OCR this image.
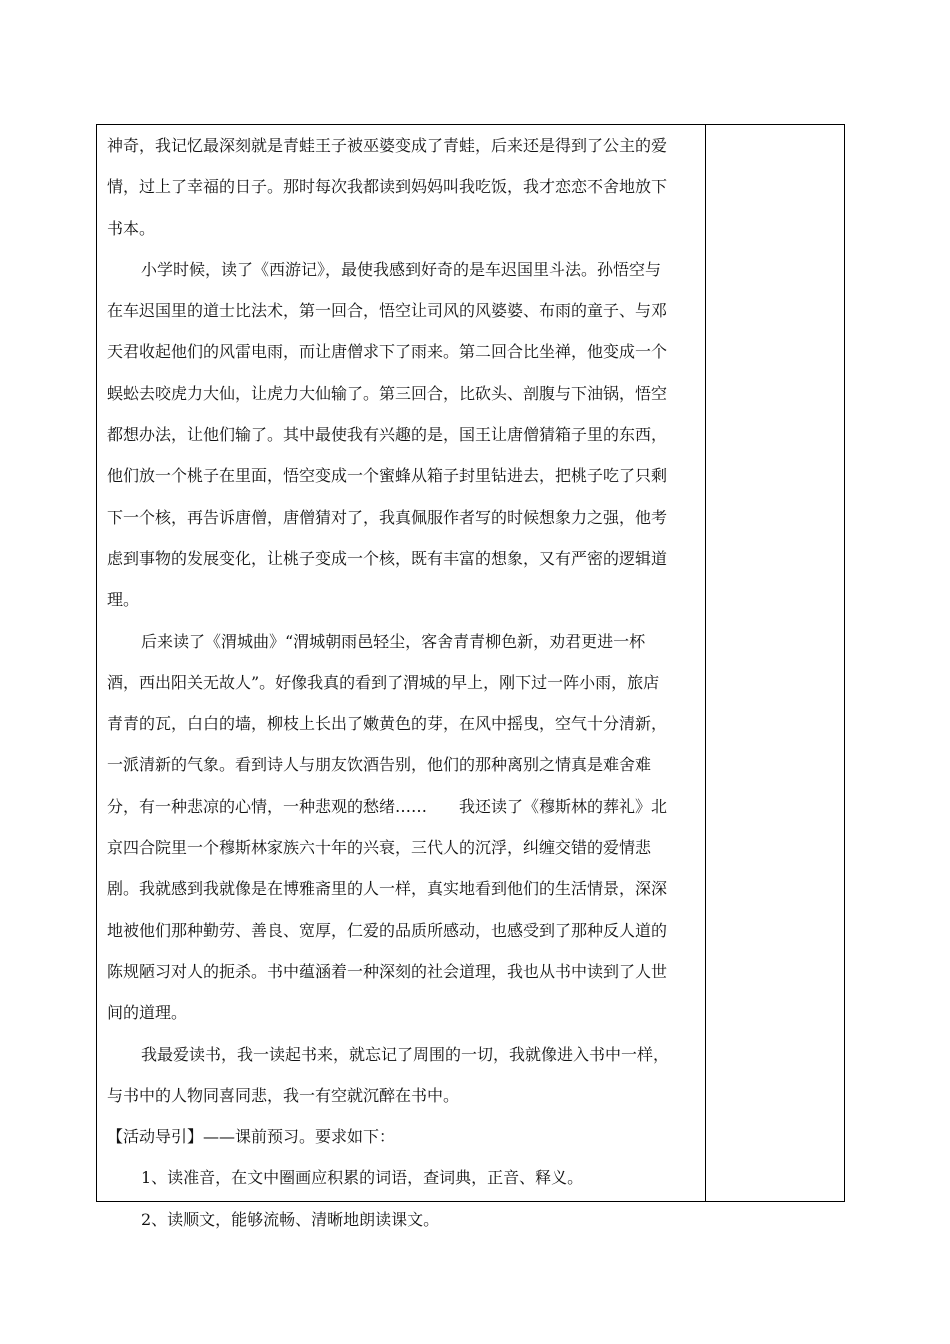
神奇，我记忆最深刻就是青蛙王子被巫婆变成了青蛙，后来还是得到了公主的爱
情，过上了幸福的日子。那时每次我都读到妈妈叫我吃饭，我才恋恋不舍地放下
书本。
小学时候，读了《西游记》，最使我感到好奇的是车迟国里斗法。孙悟空与
在车迟国里的道士比法术，第一回合，悟空让司风的风婆婆、布雨的童子、与邓
天君收起他们的风雷电雨，而让唐僧求下了雨来。第二回合比坐禅，他变成一个
蜈蚣去咬虎力大仙，让虎力大仙输了。第三回合，比砍头、剖腹与下油锅，悟空
都想办法，让他们输了。其中最使我有兴趣的是，国王让唐僧猜箱子里的东西，
他们放一个桃子在里面，悟空变成一个蜜蜂从箱子封里钻进去，把桃子吃了只剩
下一个核，再告诉唐僧，唐僧猜对了，我真佩服作者写的时候想象力之强，他考
虑到事物的发展变化，让桃子变成一个核，既有丰富的想象，又有严密的逻辑道
理。
后来读了《渭城曲》“渭城朝雨邑轻尘，客舍青青柳色新，劝君更进一杯
酒，西出阳关无故人”。好像我真的看到了渭城的早上，刚下过一阵小雨，旅店
青青的瓦，白白的墙，柳枝上长出了嫩黄色的芽，在风中摇曳，空气十分清新，
一派清新的气象。看到诗人与朋友饮酒告别，他们的那种离别之情真是难舍难
分，有一种悲凉的心情，一种悲观的愁绪……　　我还读了《穆斯林的葬礼》北
京四合院里一个穆斯林家族六十年的兴衰，三代人的沉浮，纠缠交错的爱情悲
剧。我就感到我就像是在博雅斋里的人一样，真实地看到他们的生活情景，深深
地被他们那种勤劳、善良、宽厚，仁爱的品质所感动，也感受到了那种反人道的
陈规陋习对人的扼杀。书中蕴涵着一种深刻的社会道理，我也从书中读到了人世
间的道理。
我最爱读书，我一读起书来，就忘记了周围的一切，我就像进入书中一样，
与书中的人物同喜同悲，我一有空就沉醉在书中。
【活动导引】——课前预习。要求如下：
1、读准音，在文中圈画应积累的词语，查词典，正音、释义。
2、读顺文，能够流畅、清晰地朗读课文。
